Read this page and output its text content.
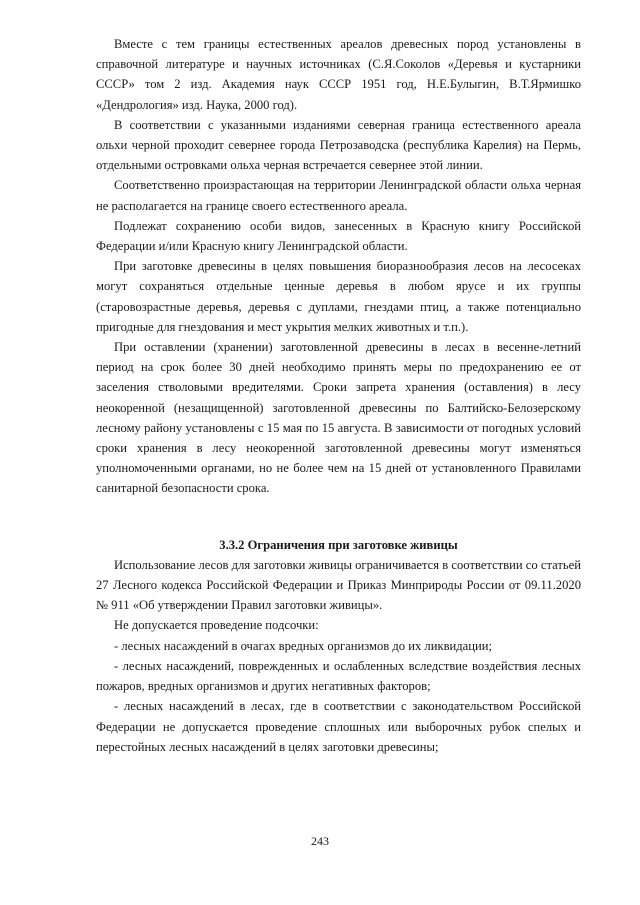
Вместе с тем границы естественных ареалов древесных пород установлены в справочной литературе и научных источниках (С.Я.Соколов «Деревья и кустарники СССР» том 2 изд. Академия наук СССР 1951 год, Н.Е.Булыгин, В.Т.Ярмишко «Дендрология» изд. Наука, 2000 год).

В соответствии с указанными изданиями северная граница естественного ареала ольхи черной проходит севернее города Петрозаводска (республика Карелия) на Пермь, отдельными островками ольха черная встречается севернее этой линии.

Соответственно произрастающая на территории Ленинградской области ольха черная не располагается на границе своего естественного ареала.

Подлежат сохранению особи видов, занесенных в Красную книгу Российской Федерации и/или Красную книгу Ленинградской области.

При заготовке древесины в целях повышения биоразнообразия лесов на лесосеках могут сохраняться отдельные ценные деревья в любом ярусе и их группы (старовозрастные деревья, деревья с дуплами, гнездами птиц, а также потенциально пригодные для гнездования и мест укрытия мелких животных и т.п.).

При оставлении (хранении) заготовленной древесины в лесах в весенне-летний период на срок более 30 дней необходимо принять меры по предохранению ее от заселения стволовыми вредителями. Сроки запрета хранения (оставления) в лесу неокоренной (незащищенной) заготовленной древесины по Балтийско-Белозерскому лесному району установлены с 15 мая по 15 августа. В зависимости от погодных условий сроки хранения в лесу неокоренной заготовленной древесины могут изменяться уполномоченными органами, но не более чем на 15 дней от установленного Правилами санитарной безопасности срока.

3.3.2 Ограничения при заготовке живицы

Использование лесов для заготовки живицы ограничивается в соответствии со статьей 27 Лесного кодекса Российской Федерации и Приказ Минприроды России от 09.11.2020 № 911 «Об утверждении Правил заготовки живицы».

Не допускается проведение подсочки:

- лесных насаждений в очагах вредных организмов до их ликвидации;

- лесных насаждений, поврежденных и ослабленных вследствие воздействия лесных пожаров, вредных организмов и других негативных факторов;

- лесных насаждений в лесах, где в соответствии с законодательством Российской Федерации не допускается проведение сплошных или выборочных рубок спелых и перестойных лесных насаждений в целях заготовки древесины;

243
